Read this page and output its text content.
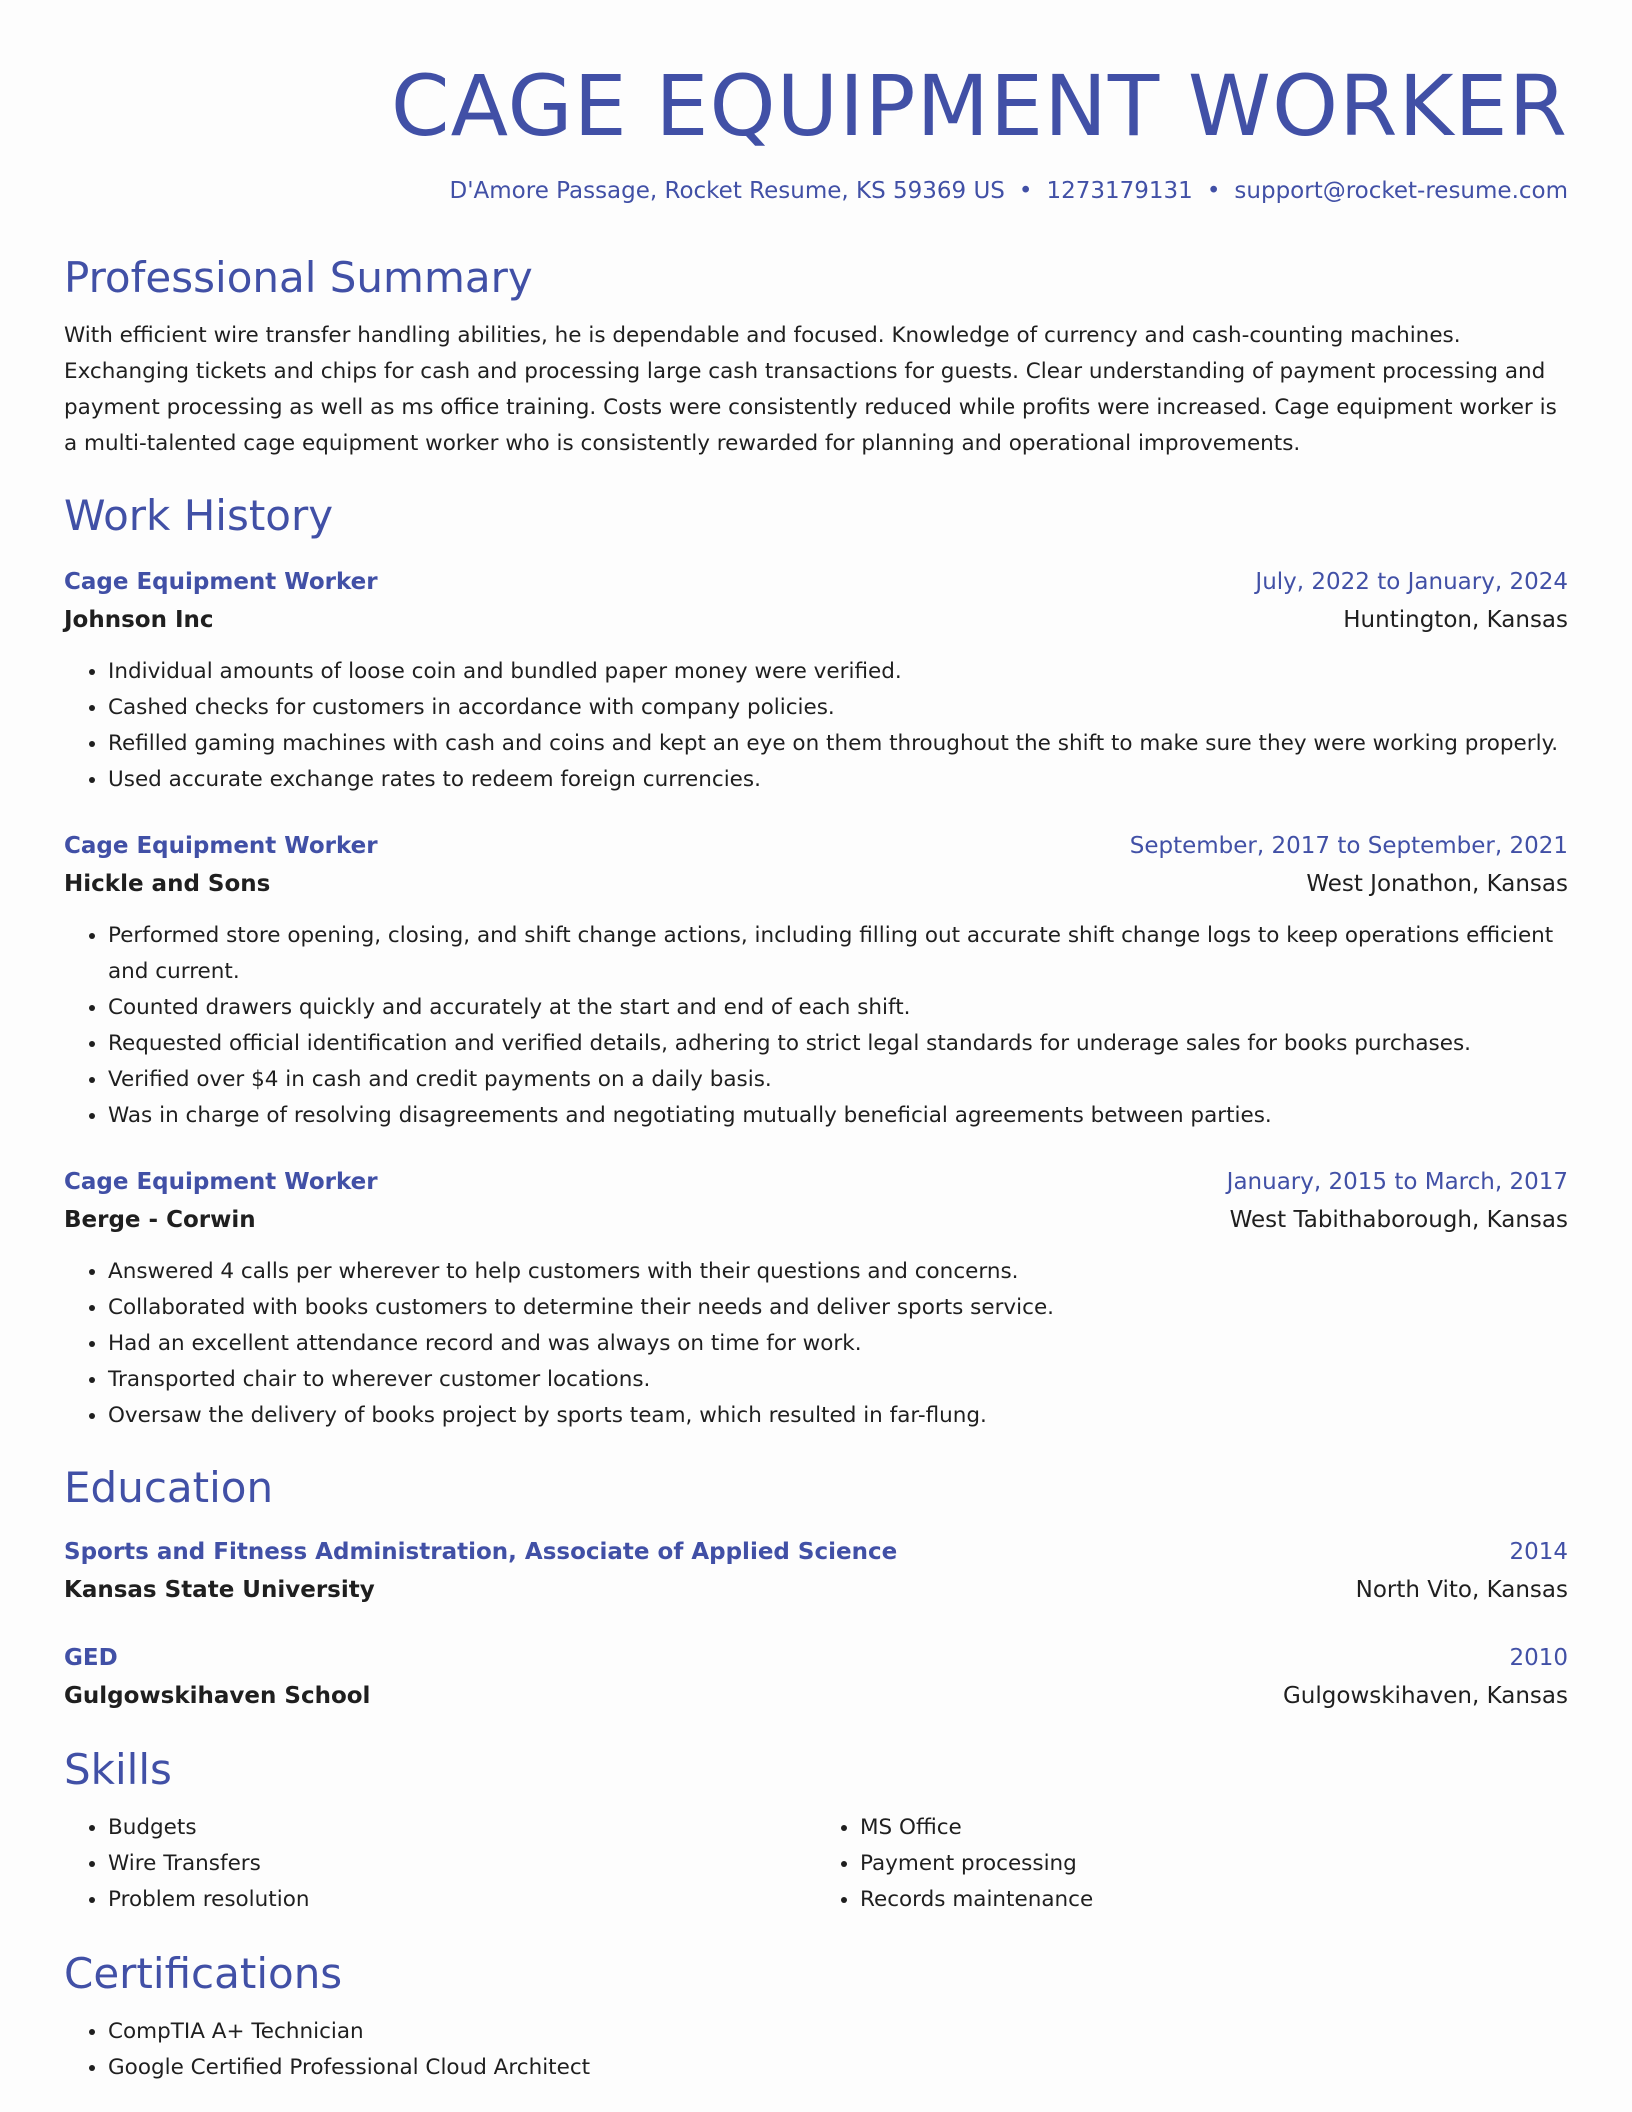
CAGE EQUIPMENT WORKER
D'Amore Passage, Rocket Resume, KS 59369 US • 1273179131 • support@rocket-resume.com
Professional Summary
With efficient wire transfer handling abilities, he is dependable and focused. Knowledge of currency and cash-counting machines. Exchanging tickets and chips for cash and processing large cash transactions for guests. Clear understanding of payment processing and payment processing as well as ms office training. Costs were consistently reduced while profits were increased. Cage equipment worker is a multi-talented cage equipment worker who is consistently rewarded for planning and operational improvements.
Work History
Cage Equipment Worker	July, 2022 to January, 2024
Johnson Inc	Huntington, Kansas
• Individual amounts of loose coin and bundled paper money were verified.
• Cashed checks for customers in accordance with company policies.
• Refilled gaming machines with cash and coins and kept an eye on them throughout the shift to make sure they were working properly.
• Used accurate exchange rates to redeem foreign currencies.
Cage Equipment Worker	September, 2017 to September, 2021
Hickle and Sons	West Jonathon, Kansas
• Performed store opening, closing, and shift change actions, including filling out accurate shift change logs to keep operations efficient and current.
• Counted drawers quickly and accurately at the start and end of each shift.
• Requested official identification and verified details, adhering to strict legal standards for underage sales for books purchases.
• Verified over $4 in cash and credit payments on a daily basis.
• Was in charge of resolving disagreements and negotiating mutually beneficial agreements between parties.
Cage Equipment Worker	January, 2015 to March, 2017
Berge - Corwin	West Tabithaborough, Kansas
• Answered 4 calls per wherever to help customers with their questions and concerns.
• Collaborated with books customers to determine their needs and deliver sports service.
• Had an excellent attendance record and was always on time for work.
• Transported chair to wherever customer locations.
• Oversaw the delivery of books project by sports team, which resulted in far-flung.
Education
Sports and Fitness Administration, Associate of Applied Science	2014
Kansas State University	North Vito, Kansas
GED	2010
Gulgowskihaven School	Gulgowskihaven, Kansas
Skills
• Budgets
• Wire Transfers
• Problem resolution
• MS Office
• Payment processing
• Records maintenance
Certifications
• CompTIA A+ Technician
• Google Certified Professional Cloud Architect
